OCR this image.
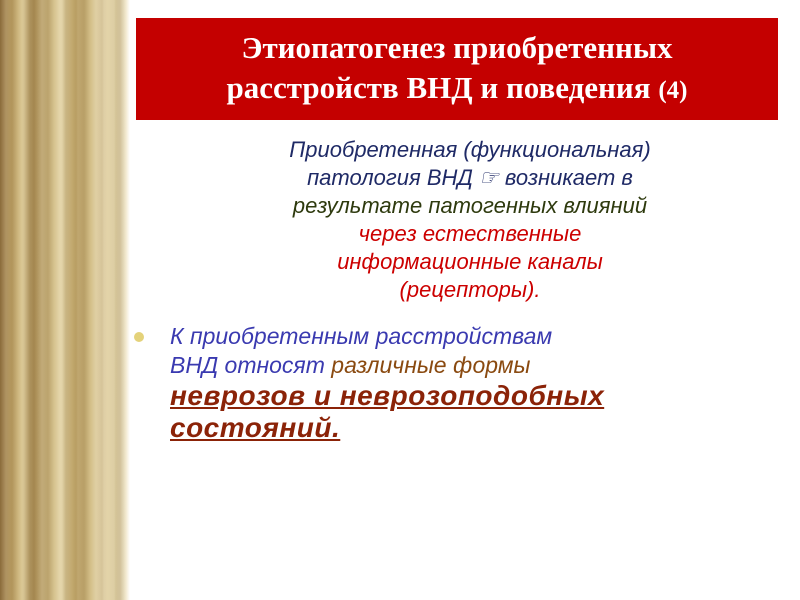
Этиопатогенез приобретенных
расстройств ВНД и поведения (4)
Приобретенная (функциональная)
патология ВНД ☞ возникает в
результате патогенных влияний
через естественные
информационные каналы
(рецепторы).
К приобретенным расстройствам
ВНД относят различные формы
неврозов и неврозоподобных
состояний.
